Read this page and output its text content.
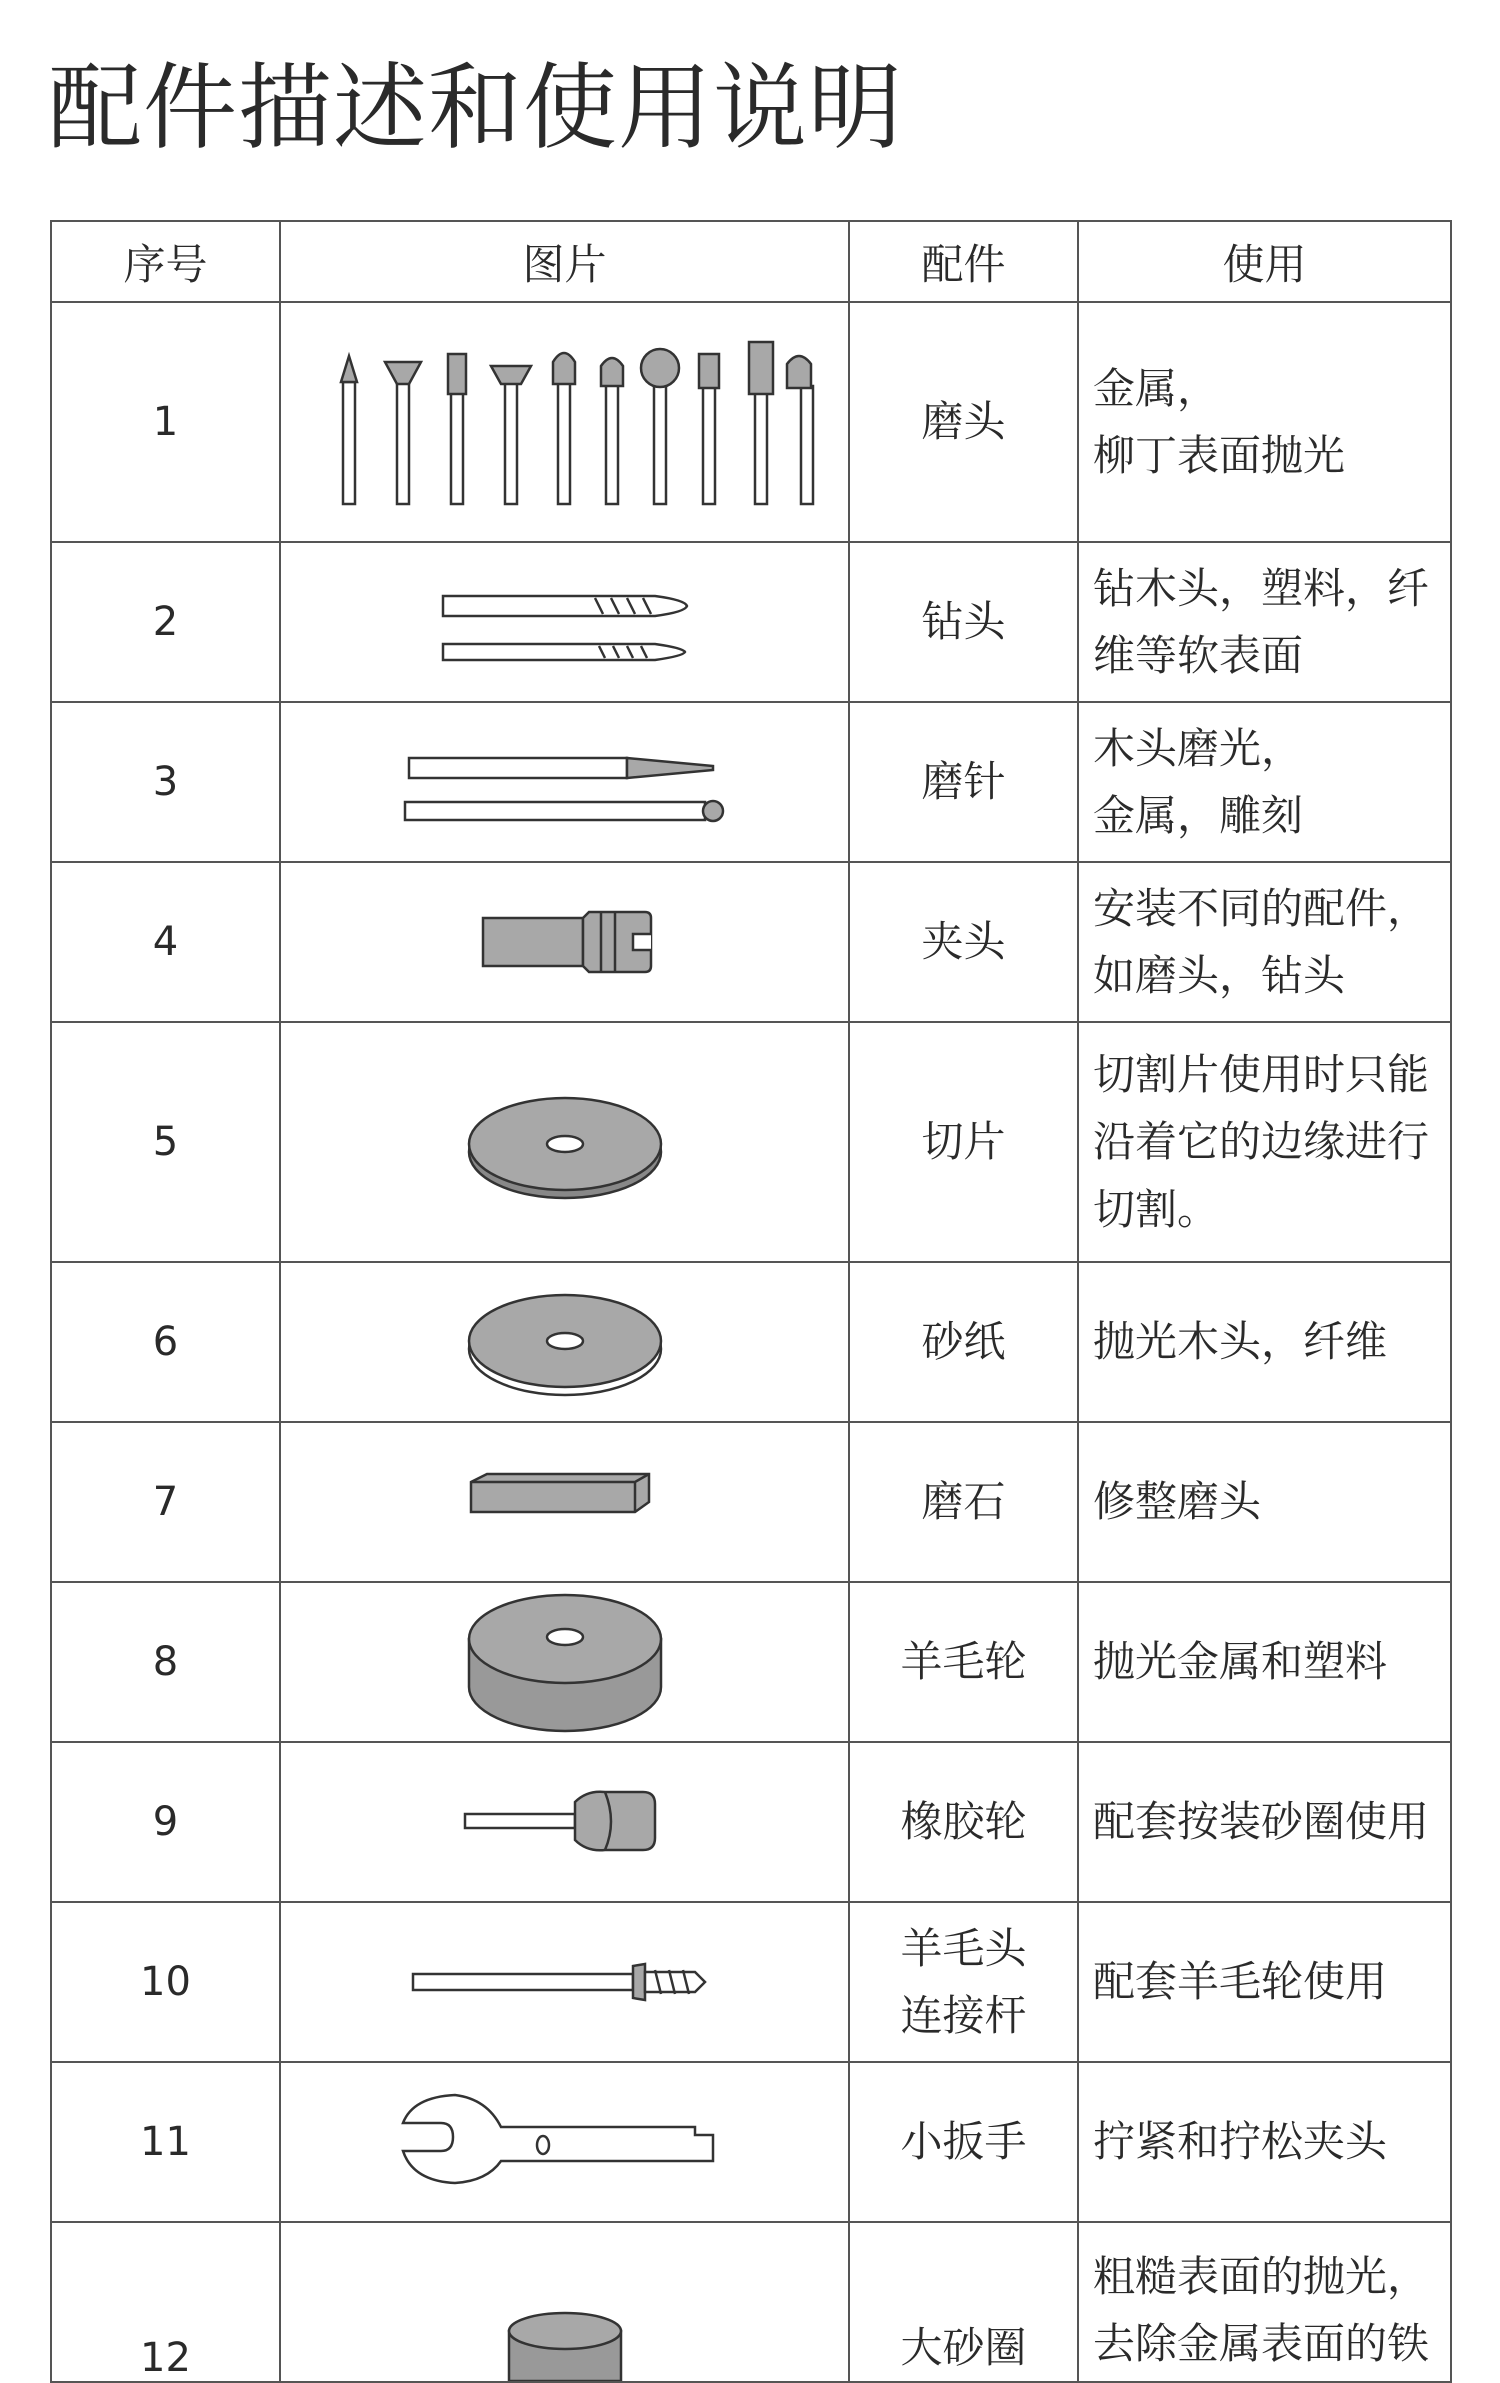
配件描述和使用说明
序号	图片	配件	使用
1		磨头	金属，
柳丁表面抛光

2		钻头	钻木头，塑料，纤
维等软表面

3		磨针	木头磨光，
金属，雕刻

4		夹头	安装不同的配件，
如磨头，钻头

5		切片	切割片使用时只能
沿着它的边缘进行
切割。

6		砂纸	抛光木头，纤维

7		磨石	修整磨头

8		羊毛轮	抛光金属和塑料

9		橡胶轮	配套按装砂圈使用

10		羊毛头
连接杆	配套羊毛轮使用

11		小扳手	拧紧和拧松夹头

12		大砂圈	粗糙表面的抛光，
去除金属表面的铁
